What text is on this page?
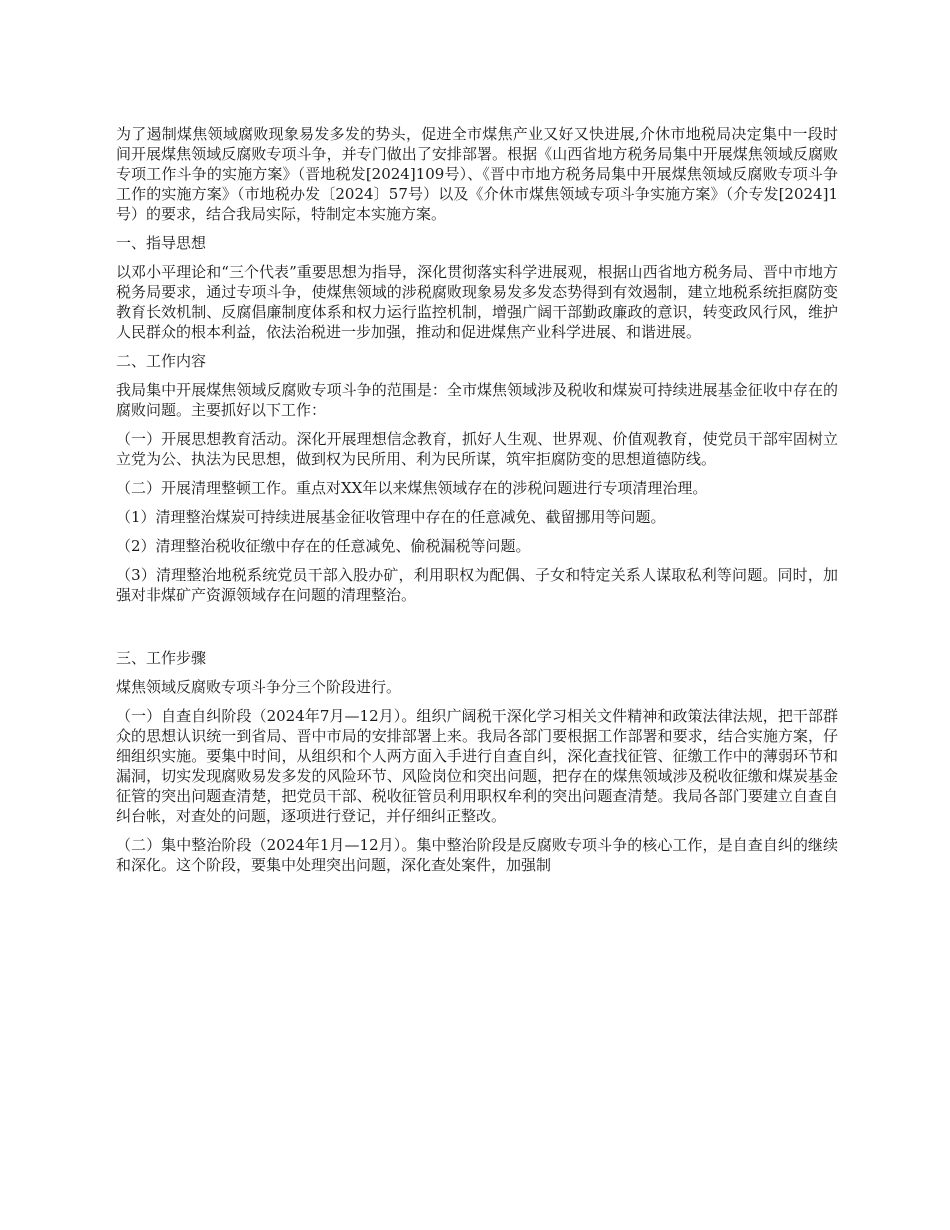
为了遏制煤焦领域腐败现象易发多发的势头，促进全市煤焦产业又好又快进展,介休市地税局决定集中一段时间开展煤焦领域反腐败专项斗争，并专门做出了安排部署。根据《山西省地方税务局集中开展煤焦领域反腐败专项工作斗争的实施方案》（晋地税发[2024]109号）、《晋中市地方税务局集中开展煤焦领域反腐败专项斗争工作的实施方案》（市地税办发〔2024〕57号）以及《介休市煤焦领域专项斗争实施方案》（介专发[2024]1号）的要求，结合我局实际，特制定本实施方案。

一、指导思想

以邓小平理论和“三个代表”重要思想为指导，深化贯彻落实科学进展观，根据山西省地方税务局、晋中市地方税务局要求，通过专项斗争，使煤焦领域的涉税腐败现象易发多发态势得到有效遏制，建立地税系统拒腐防变教育长效机制、反腐倡廉制度体系和权力运行监控机制，增强广阔干部勤政廉政的意识，转变政风行风，维护人民群众的根本利益，依法治税进一步加强，推动和促进煤焦产业科学进展、和谐进展。

二、工作内容

我局集中开展煤焦领域反腐败专项斗争的范围是：全市煤焦领域涉及税收和煤炭可持续进展基金征收中存在的腐败问题。主要抓好以下工作：

（一）开展思想教育活动。深化开展理想信念教育，抓好人生观、世界观、价值观教育，使党员干部牢固树立立党为公、执法为民思想，做到权为民所用、利为民所谋，筑牢拒腐防变的思想道德防线。

（二）开展清理整顿工作。重点对XX年以来煤焦领域存在的涉税问题进行专项清理治理。

（1）清理整治煤炭可持续进展基金征收管理中存在的任意减免、截留挪用等问题。

（2）清理整治税收征缴中存在的任意减免、偷税漏税等问题。

（3）清理整治地税系统党员干部入股办矿，利用职权为配偶、子女和特定关系人谋取私利等问题。同时，加强对非煤矿产资源领域存在问题的清理整治。

三、工作步骤

煤焦领域反腐败专项斗争分三个阶段进行。

（一）自查自纠阶段（2024年7月—12月）。组织广阔税干深化学习相关文件精神和政策法律法规，把干部群众的思想认识统一到省局、晋中市局的安排部署上来。我局各部门要根据工作部署和要求，结合实施方案，仔细组织实施。要集中时间，从组织和个人两方面入手进行自查自纠，深化查找征管、征缴工作中的薄弱环节和漏洞，切实发现腐败易发多发的风险环节、风险岗位和突出问题，把存在的煤焦领域涉及税收征缴和煤炭基金征管的突出问题查清楚，把党员干部、税收征管员利用职权牟利的突出问题查清楚。我局各部门要建立自查自纠台帐，对查处的问题，逐项进行登记，并仔细纠正整改。

（二）集中整治阶段（2024年1月—12月）。集中整治阶段是反腐败专项斗争的核心工作，是自查自纠的继续和深化。这个阶段，要集中处理突出问题，深化查处案件，加强制
